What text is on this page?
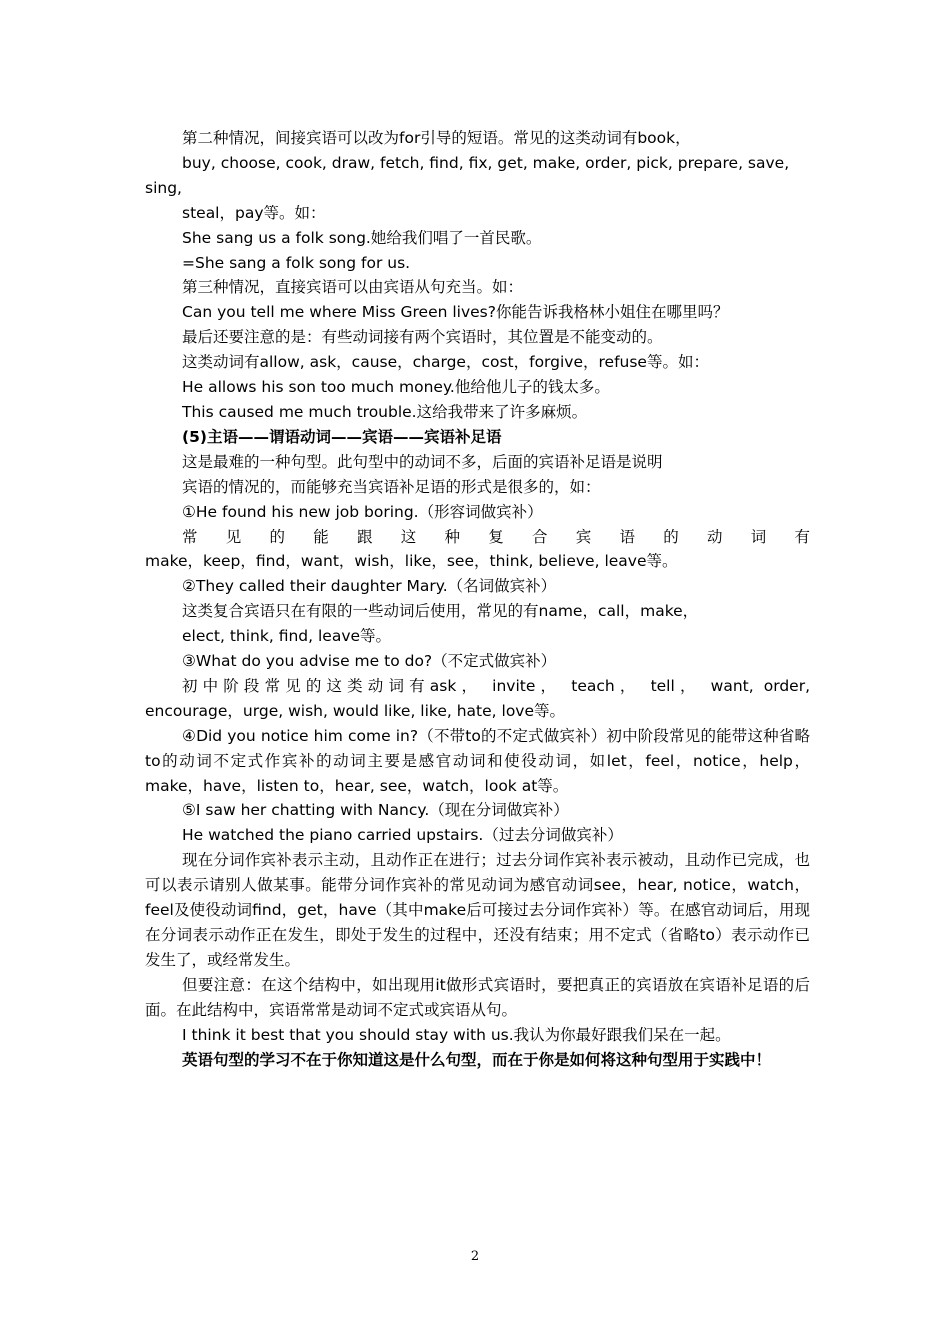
第二种情况，间接宾语可以改为for引导的短语。常见的这类动词有book，

buy, choose, cook, draw, fetch, find, fix, get, make, order, pick, prepare, save, sing,

steal，pay等。如：

She sang us a folk song.她给我们唱了一首民歌。

=She sang a folk song for us.

第三种情况，直接宾语可以由宾语从句充当。如：

Can you tell me where Miss Green lives?你能告诉我格林小姐住在哪里吗？

最后还要注意的是：有些动词接有两个宾语时，其位置是不能变动的。

这类动词有allow, ask，cause，charge，cost，forgive，refuse等。如：

He allows his son too much money.他给他儿子的钱太多。

This caused me much trouble.这给我带来了许多麻烦。

(5)主语——谓语动词——宾语——宾语补足语

这是最难的一种句型。此句型中的动词不多，后面的宾语补足语是说明

宾语的情况的，而能够充当宾语补足语的形式是很多的，如：

①He found his new job boring.（形容词做宾补）

常见的能跟这种复合宾语的动词有

make，keep，find，want，wish，like，see，think, believe, leave等。

②They called their daughter Mary.（名词做宾补）

这类复合宾语只在有限的一些动词后使用，常见的有name，call，make，

elect, think, find, leave等。

③What do you advise me to do?（不定式做宾补）

初中阶段常见的这类动词有ask， invite， teach， tell， want, order,

encourage，urge, wish, would like, like, hate, love等。

④Did you notice him come in?（不带to的不定式做宾补）初中阶段常见的能带这种省略to的动词不定式作宾补的动词主要是感官动词和使役动词，如let，feel，notice，help，make，have，listen to，hear, see，watch，look at等。

⑤I saw her chatting with Nancy.（现在分词做宾补）

He watched the piano carried upstairs.（过去分词做宾补）

现在分词作宾补表示主动，且动作正在进行；过去分词作宾补表示被动，且动作已完成，也可以表示请别人做某事。能带分词作宾补的常见动词为感官动词see，hear, notice，watch，feel及使役动词find，get，have（其中make后可接过去分词作宾补）等。在感官动词后，用现在分词表示动作正在发生，即处于发生的过程中，还没有结束；用不定式（省略to）表示动作已发生了，或经常发生。

但要注意：在这个结构中，如出现用it做形式宾语时，要把真正的宾语放在宾语补足语的后面。在此结构中，宾语常常是动词不定式或宾语从句。

I think it best that you should stay with us.我认为你最好跟我们呆在一起。

英语句型的学习不在于你知道这是什么句型，而在于你是如何将这种句型用于实践中！

2
